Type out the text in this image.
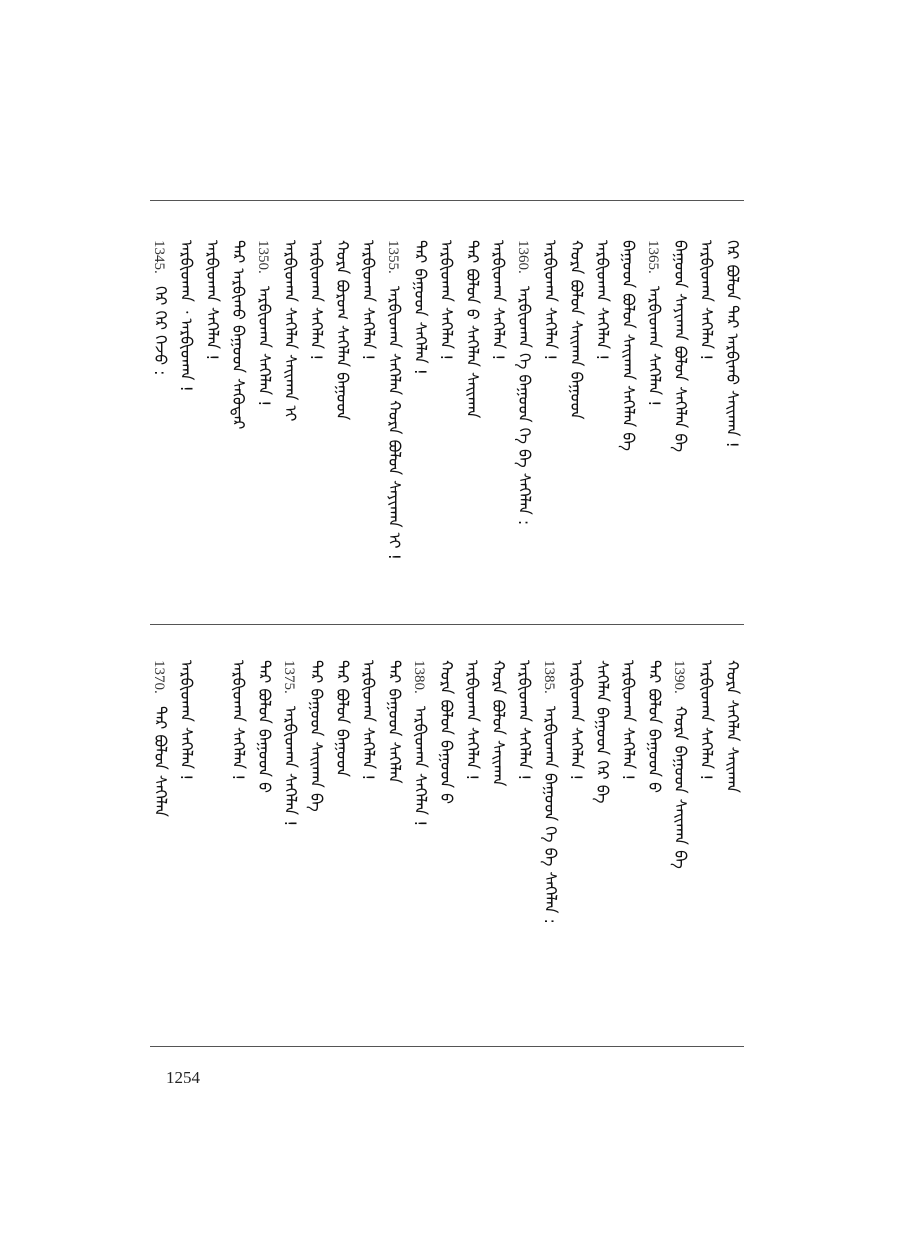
1345.
ᠬᠡᠷ ᠬᠡᠷ ᠭᠡᠵᠦ : ᠠᠷᠪᠢᠳᠬᠠ ᠂ ᠠᠷᠪᠢᠳᠬᠠ ! ᠠᠷᠪᠢᠳᠬᠠ ᠰᠡᠬᠡᠯᠡᠨ ! ᠲᠡᠷ ᠠᠷᠪᠢᠬᠤ ᠪᠠᠭᠤᠳ ᠰᠡᠭᠦᠳᠡᠷ 1350.
ᠠᠷᠪᠢᠳᠬᠠ ᠰᠡᠬᠡᠯᠡᠨ ! ᠠᠷᠪᠢᠳᠬᠠ ᠰᠡᠬᠡᠯᠡᠨ ᠰᠠᠢᠬᠠᠨ ᠢ ᠠᠷᠪᠢᠳᠬᠠ ᠰᠡᠬᠡᠯᠡᠨ ! ᠬᠤᠷᠠ ᠪᠤᠷᠤᠭ ᠰᠡᠬᠡᠯᠡᠨ ᠪᠠᠭᠤᠳ ᠠᠷᠪᠢᠳᠬᠠ ᠰᠡᠬᠡᠯᠡᠨ ! 1355.
ᠠᠷᠪᠢᠳᠬᠠ ᠰᠡᠬᠡᠯᠡᠨ ᠬᠤᠷᠠ ᠪᠣᠯᠤᠨ ᠰᠠᠶᠢᠬᠠᠨ ᠢ ! ᠲᠡᠷ ᠪᠠᠭᠤᠳ ᠰᠡᠬᠡᠯᠡᠨ ! ᠠᠷᠪᠢᠳᠬᠠ ᠰᠡᠬᠡᠯᠡᠨ ! ᠲᠡᠷ ᠪᠣᠯᠤᠨ ᠪ ᠰᠡᠬᠡᠯᠡᠨ ᠰᠠᠢᠬᠠᠨ ᠠᠷᠪᠢᠳᠬᠠ ᠰᠡᠬᠡᠯᠡᠨ ! 1360.
ᠠᠷᠪᠢᠳᠬᠠ ᠬᠡ ᠪᠠᠭᠤᠳ ᠬᠡ ᠪᠠ ᠰᠡᠬᠡᠯᠡᠨ : ᠠᠷᠪᠢᠳᠬᠠ ᠰᠡᠬᠡᠯᠡᠨ ! ᠬᠤᠷᠠ ᠪᠣᠯᠤᠨ ᠰᠠᠢᠬᠠᠨ ᠪᠠᠭᠤᠳ ᠠᠷᠪᠢᠳᠬᠠ ᠰᠡᠬᠡᠯᠡᠨ ! ᠪᠠᠭᠤᠳ ᠪᠣᠯᠤᠨ ᠰᠠᠢᠬᠠᠨ ᠰᠡᠬᠡᠯᠡᠨ ᠪᠠ 1365.
ᠠᠷᠪᠢᠳᠬᠠ ᠰᠡᠬᠡᠯᠡᠨ ! ᠪᠠᠭᠤᠳ ᠰᠠᠶᠢᠬᠠᠨ ᠪᠣᠯᠤᠨ ᠰᠡᠬᠡᠯᠡᠨ ᠪᠠ ᠠᠷᠪᠢᠳᠬᠠ ᠰᠡᠬᠡᠯᠡᠨ ! ᠬᠡᠷ ᠪᠣᠯᠤᠨ ᠲᠡᠷ ᠠᠷᠪᠢᠬᠤ ᠰᠠᠢᠬᠠᠨ !
1370.
ᠲᠡᠷ ᠪᠣᠯᠤᠨ ᠰᠡᠬᠡᠯᠡᠨ ᠠᠷᠪᠢᠳᠬᠠ ᠰᠡᠬᠡᠯᠡᠨ ! ᠠᠷᠪᠢᠳᠬᠠ ᠰᠡᠬᠡᠯᠡᠨ ! ᠲᠡᠷ ᠪᠣᠯᠤᠨ ᠪᠠᠭᠤᠳ ᠪ 1375.
ᠠᠷᠪᠢᠳᠬᠠ ᠰᠡᠬᠡᠯᠡᠨ ! ᠲᠡᠷ ᠪᠠᠭᠤᠳ ᠰᠠᠢᠬᠠᠨ ᠪᠠ ᠲᠡᠷ ᠪᠣᠯᠤᠨ ᠪᠠᠭᠤᠳ ᠠᠷᠪᠢᠳᠬᠠ ᠰᠡᠬᠡᠯᠡᠨ ! ᠲᠡᠷ ᠪᠠᠭᠤᠳ ᠰᠡᠬᠡᠯᠡᠨ 1380.
ᠠᠷᠪᠢᠳᠬᠠ ᠰᠡᠬᠡᠯᠡᠨ ! ᠬᠤᠷᠠ ᠪᠣᠯᠤᠨ ᠪᠠᠭᠤᠳ ᠪ ᠠᠷᠪᠢᠳᠬᠠ ᠰᠡᠬᠡᠯᠡᠨ ! ᠬᠤᠷᠠ ᠪᠣᠯᠤᠨ ᠰᠠᠢᠬᠠᠨ ᠠᠷᠪᠢᠳᠬᠠ ᠰᠡᠬᠡᠯᠡᠨ ! 1385.
ᠠᠷᠪᠢᠳᠬᠠ ᠪᠠᠭᠤᠳ ᠬᠡ ᠪᠠ ᠰᠡᠬᠡᠯᠡᠨ : ᠠᠷᠪᠢᠳᠬᠠ ᠰᠡᠬᠡᠯᠡᠨ ! ᠰᠡᠬᠡᠯᠡᠨ ᠪᠠᠭᠤᠳ ᠬᠡᠷ ᠪᠠ ᠠᠷᠪᠢᠳᠬᠠ ᠰᠡᠬᠡᠯᠡᠨ ! ᠲᠡᠷ ᠪᠣᠯᠤᠨ ᠪᠠᠭᠤᠳ ᠪ 1390.
ᠬᠤᠷᠠ ᠪᠠᠭᠤᠳ ᠰᠠᠢᠬᠠᠨ ᠪᠠ ᠠᠷᠪᠢᠳᠬᠠ ᠰᠡᠬᠡᠯᠡᠨ ! ᠬᠤᠷᠠ ᠰᠡᠬᠡᠯᠡᠨ ᠰᠠᠢᠬᠠᠨ
1254
